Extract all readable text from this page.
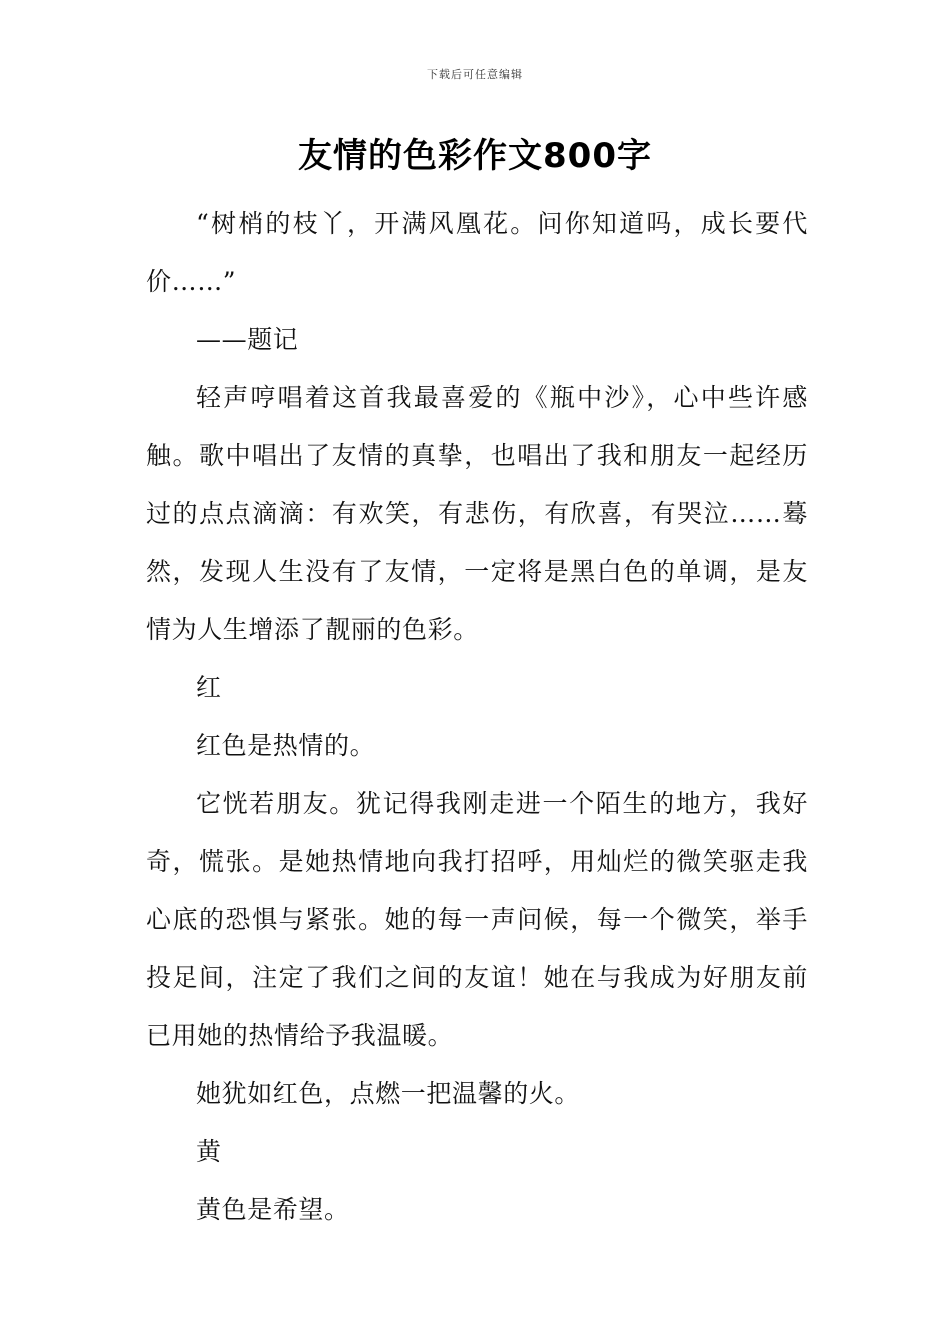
下载后可任意编辑
友情的色彩作文800字

“树梢的枝丫，开满风凰花。问你知道吗，成长要代价……”

——题记

轻声哼唱着这首我最喜爱的《瓶中沙》，心中些许感触。歌中唱出了友情的真挚，也唱出了我和朋友一起经历过的点点滴滴：有欢笑，有悲伤，有欣喜，有哭泣……蓦然，发现人生没有了友情，一定将是黑白色的单调，是友情为人生增添了靓丽的色彩。

红

红色是热情的。

它恍若朋友。犹记得我刚走进一个陌生的地方，我好奇，慌张。是她热情地向我打招呼，用灿烂的微笑驱走我心底的恐惧与紧张。她的每一声问候，每一个微笑，举手投足间，注定了我们之间的友谊！她在与我成为好朋友前已用她的热情给予我温暖。

她犹如红色，点燃一把温馨的火。

黄

黄色是希望。
